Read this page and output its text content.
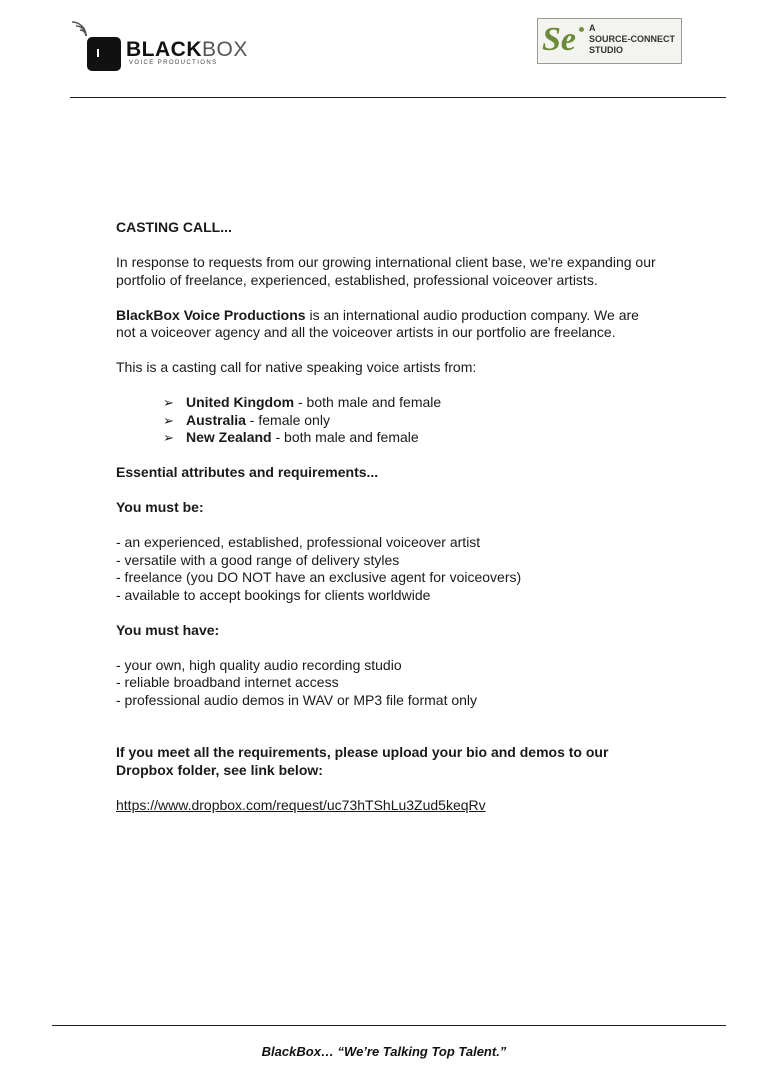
BLACKBOX
VOICE PRODUCTIONS
Se A
SOURCE-CONNECT
STUDIO

CASTING CALL...

In response to requests from our growing international client base, we're expanding our portfolio of freelance, experienced, established, professional voiceover artists.

BlackBox Voice Productions is an international audio production company. We are not a voiceover agency and all the voiceover artists in our portfolio are freelance.

This is a casting call for native speaking voice artists from:

➢ United Kingdom - both male and female
➢ Australia - female only
➢ New Zealand - both male and female

Essential attributes and requirements...

You must be:

- an experienced, established, professional voiceover artist

- versatile with a good range of delivery styles

- freelance (you DO NOT have an exclusive agent for voiceovers)

- available to accept bookings for clients worldwide

You must have:

- your own, high quality audio recording studio

- reliable broadband internet access

- professional audio demos in WAV or MP3 file format only

If you meet all the requirements, please upload your bio and demos to our Dropbox folder, see link below:

https://www.dropbox.com/request/uc73hTShLu3Zud5keqRv

BlackBox… “We’re Talking Top Talent.”
